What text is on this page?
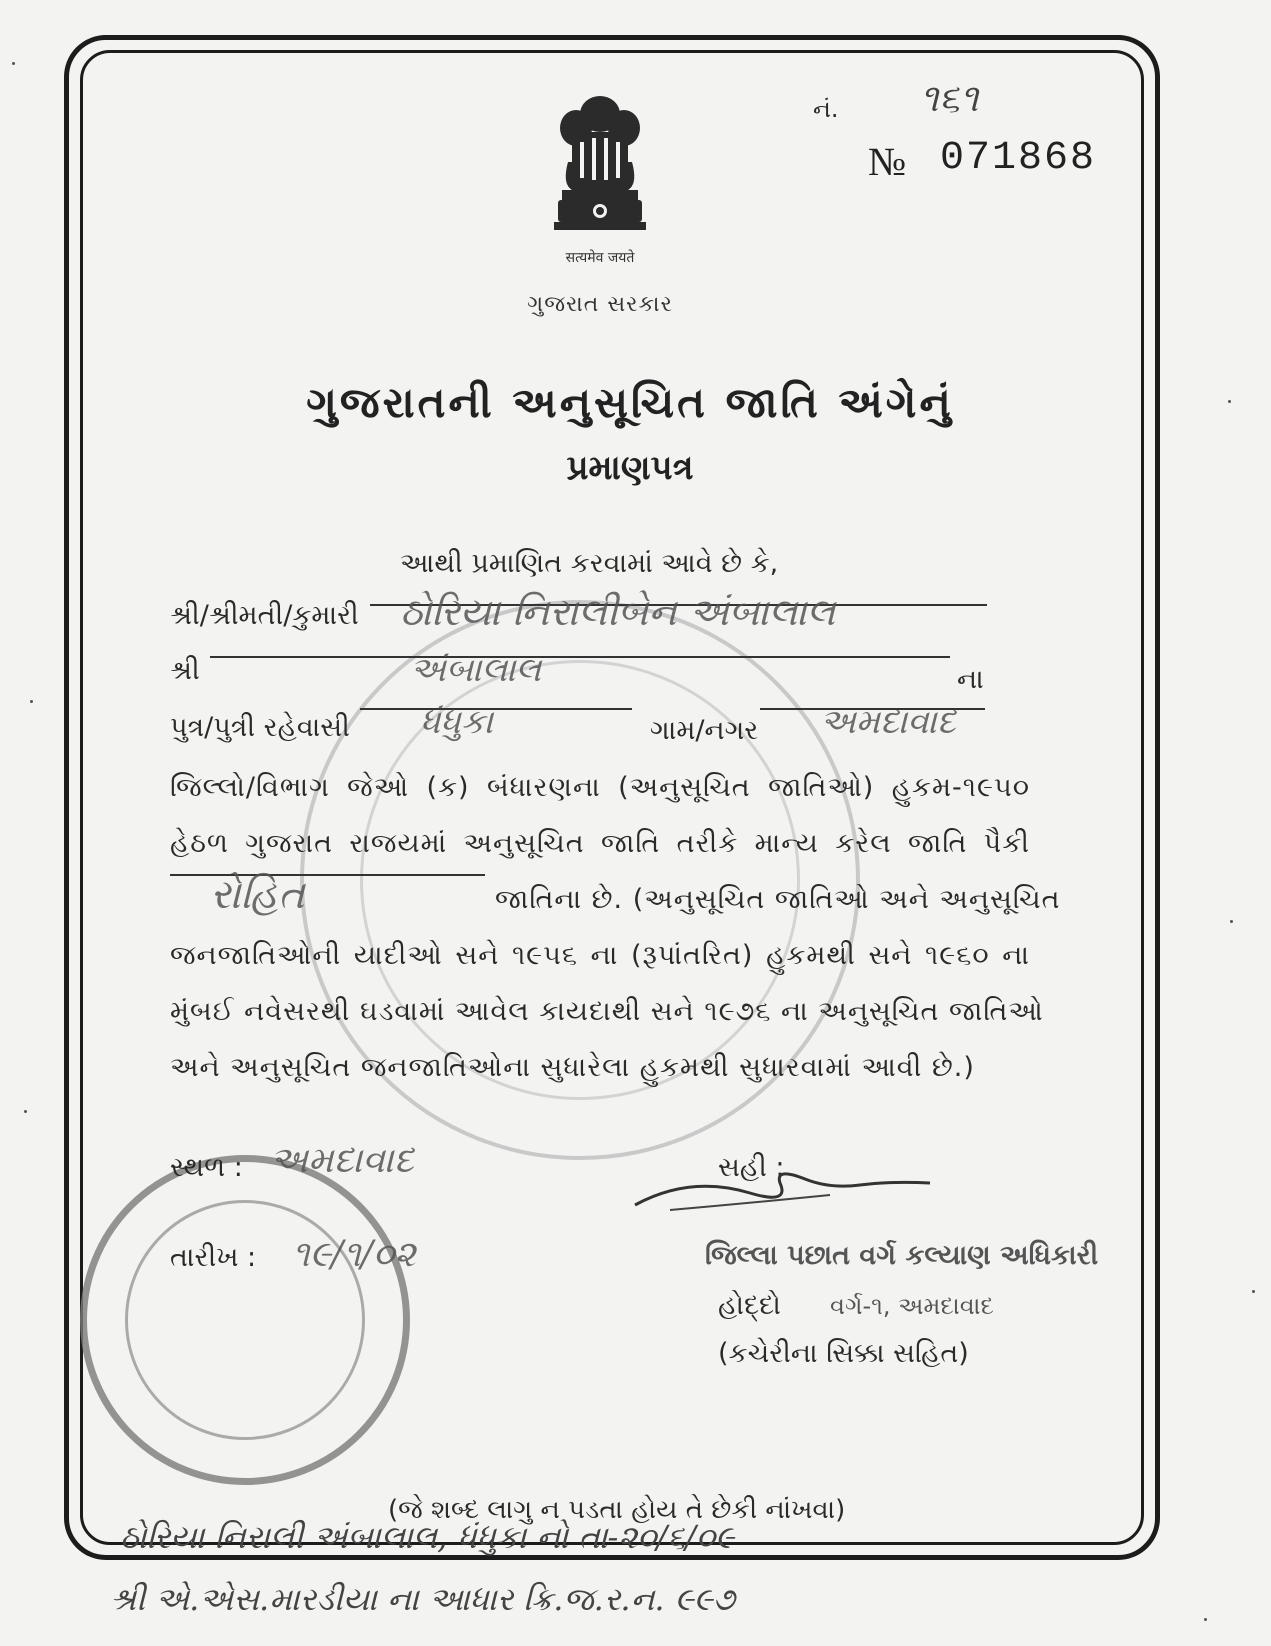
सत्यमेव जयते
ગુજરાત સરકાર
નં. ૧૬૧
№ 071868
ગુજરાતની અનુસૂચિત જાતિ અંગેનું
પ્રમાણપત્ર
આથી પ્રમાણિત કરવામાં આવે છે કે,
શ્રી/શ્રીમતી/કુમારી ઠોરિયા નિરાલીબેન અંબાલાલ
શ્રી	અંબાલાલ	ના
પુત્ર/પુત્રી રહેવાસી ધંધુકા	ગામ/નગર અમદાવાદ
જિલ્લો/વિભાગ જેઓ (ક) બંધારણના (અનુસૂચિત જાતિઓ) હુકમ-૧૯૫૦
હેઠળ ગુજરાત રાજયમાં અનુસૂચિત જાતિ તરીકે માન્ય કરેલ જાતિ પૈકી
રોહિત	જાતિના છે. (અનુસૂચિત જાતિઓ અને અનુસૂચિત
જનજાતિઓની યાદીઓ સને ૧૯૫૬ ના (રૂપાંતરિત) હુકમથી સને ૧૯૬૦ ના
મુંબઈ નવેસરથી ઘડવામાં આવેલ કાયદાથી સને ૧૯૭૬ ના અનુસૂચિત જાતિઓ
અને અનુસૂચિત જનજાતિઓના સુધારેલા હુકમથી સુધારવામાં આવી છે.)
સ્થળ : અમદાવાદ
તારીખ : ૧૯/૧/૦૨
સહી :
જિલ્લા પછાત વર્ગ કલ્યાણ અધિકારી
હોદ્દો વર્ગ-૧, અમદાવાદ
(કચેરીના સિક્કા સહિત)
(જે શબ્દ લાગુ ન પડતા હોય તે છેકી નાંખવા)
ઠોરિયા નિરાલી અંબાલાલ, ધંધુકા નો તા-૨૦/૬/૦૯
શ્રી એ.એસ.મારડીયા ના આધાર ક્રિ.જ.ર.ન. ૯૯૭
